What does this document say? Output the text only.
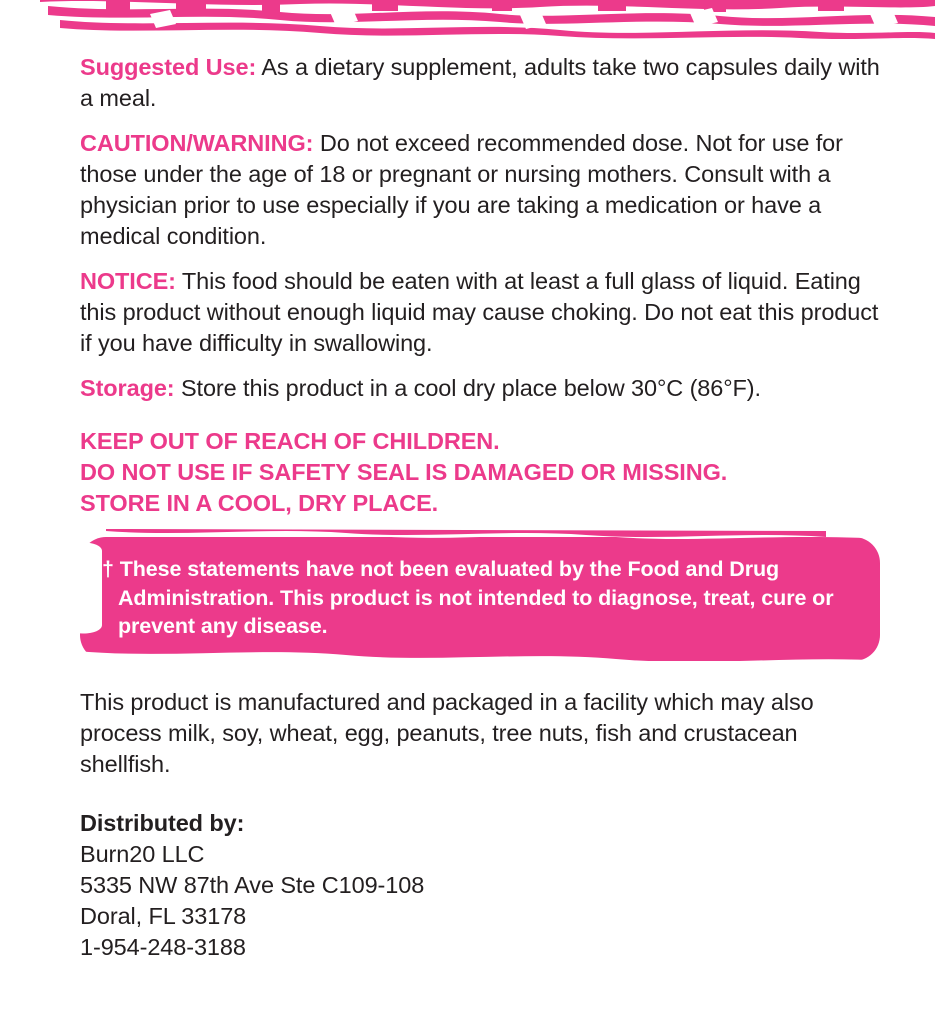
Suggested Use: As a dietary supplement, adults take two capsules daily with a meal.
CAUTION/WARNING: Do not exceed recommended dose. Not for use for those under the age of 18 or pregnant or nursing mothers. Consult with a physician prior to use especially if you are taking a medication or have a medical condition.
NOTICE: This food should be eaten with at least a full glass of liquid. Eating this product without enough liquid may cause choking. Do not eat this product if you have difficulty in swallowing.
Storage: Store this product in a cool dry place below 30°C (86°F).
KEEP OUT OF REACH OF CHILDREN.
DO NOT USE IF SAFETY SEAL IS DAMAGED OR MISSING.
STORE IN A COOL, DRY PLACE.
† These statements have not been evaluated by the Food and Drug Administration. This product is not intended to diagnose, treat, cure or prevent any disease.
This product is manufactured and packaged in a facility which may also process milk, soy, wheat, egg, peanuts, tree nuts, fish and crustacean shellfish.
Distributed by:
Burn20 LLC
5335 NW 87th Ave Ste C109-108
Doral, FL 33178
1-954-248-3188
